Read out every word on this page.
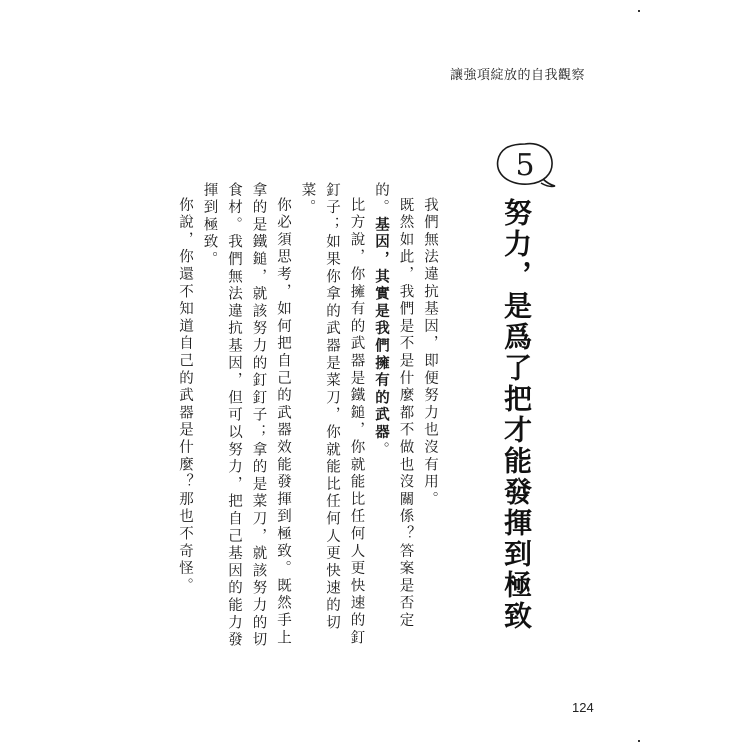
讓強項綻放的自我觀察
5
努力，是爲了把才能發揮到極致

我們無法違抗基因，即便努力也沒有用。

既然如此，我們是不是什麼都不做也沒關係？答案是否定的。基因，其實是我們擁有的武器。

比方說，你擁有的武器是鐵鎚，你就能比任何人更快速的釘釘子；如果你拿的武器是菜刀，你就能比任何人更快速的切菜。

你必須思考，如何把自己的武器效能發揮到極致。既然手上拿的是鐵鎚，就該努力的釘釘子；拿的是菜刀，就該努力的切食材。我們無法違抗基因，但可以努力，把自己基因的能力發揮到極致。

你說，你還不知道自己的武器是什麼？那也不奇怪。

124
